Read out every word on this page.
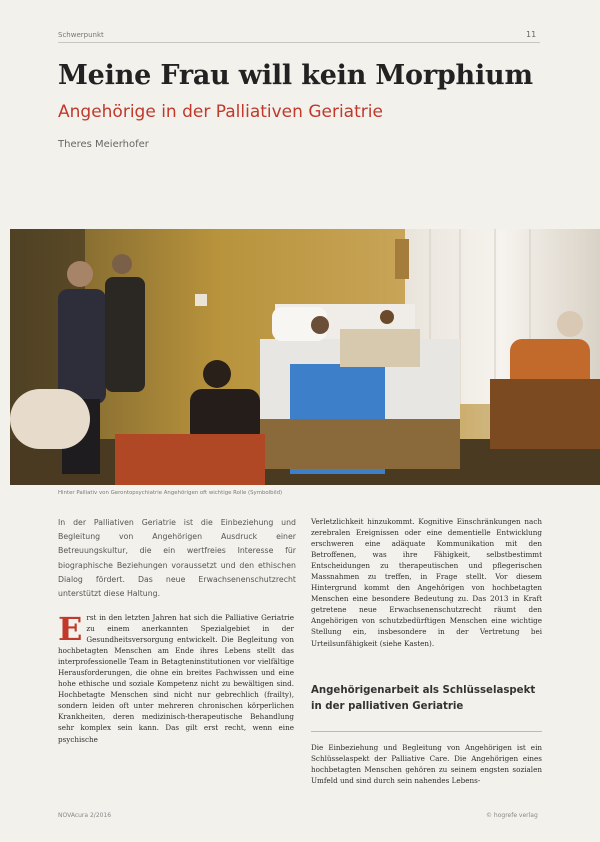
Schwerpunkt	11
Meine Frau will kein Morphium
Angehörige in der Palliativen Geriatrie
Theres Meierhofer
Hinter Palliativ von Gerontopsychiatrie Angehörigen oft wichtige Rolle (Symbolbild)
In der Palliativen Geriatrie ist die Einbeziehung und Begleitung von Angehörigen Ausdruck einer Betreuungskultur, die ein wertfreies Interesse für biographische Beziehungen voraussetzt und den ethischen Dialog fördert. Das neue Erwachsenenschutzrecht unterstützt diese Haltung.
Erst in den letzten Jahren hat sich die Palliative Geriatrie zu einem anerkannten Spezialgebiet in der Gesundheitsversorgung entwickelt. Die Begleitung von hochbetagten Menschen am Ende ihres Lebens stellt das interprofessionelle Team in Betagteninstitutionen vor vielfältige Herausforderungen, die ohne ein breites Fachwissen und eine hohe ethische und soziale Kompetenz nicht zu bewältigen sind. Hochbetagte Menschen sind nicht nur gebrechlich (frailty), sondern leiden oft unter mehreren chronischen körperlichen Krankheiten, deren medizinisch-therapeutische Behandlung sehr komplex sein kann. Das gilt erst recht, wenn eine psychische
Verletzlichkeit hinzukommt. Kognitive Einschränkungen nach zerebralen Ereignissen oder eine dementielle Entwicklung erschweren eine adäquate Kommunikation mit den Betroffenen, was ihre Fähigkeit, selbstbestimmt Entscheidungen zu therapeutischen und pflegerischen Massnahmen zu treffen, in Frage stellt. Vor diesem Hintergrund kommt den Angehörigen von hochbetagten Menschen eine besondere Bedeutung zu. Das 2013 in Kraft getretene neue Erwachsenenschutzrecht räumt den Angehörigen von schutzbedürftigen Menschen eine wichtige Stellung ein, insbesondere in der Vertretung bei Urteilsunfähigkeit (siehe Kasten).
Angehörigenarbeit als Schlüsselaspekt in der palliativen Geriatrie
Die Einbeziehung und Begleitung von Angehörigen ist ein Schlüsselaspekt der Palliative Care. Die Angehörigen eines hochbetagten Menschen gehören zu seinem engsten sozialen Umfeld und sind durch sein nahendes Lebens-
NOVAcura 2/2016	© hogrefe verlag
